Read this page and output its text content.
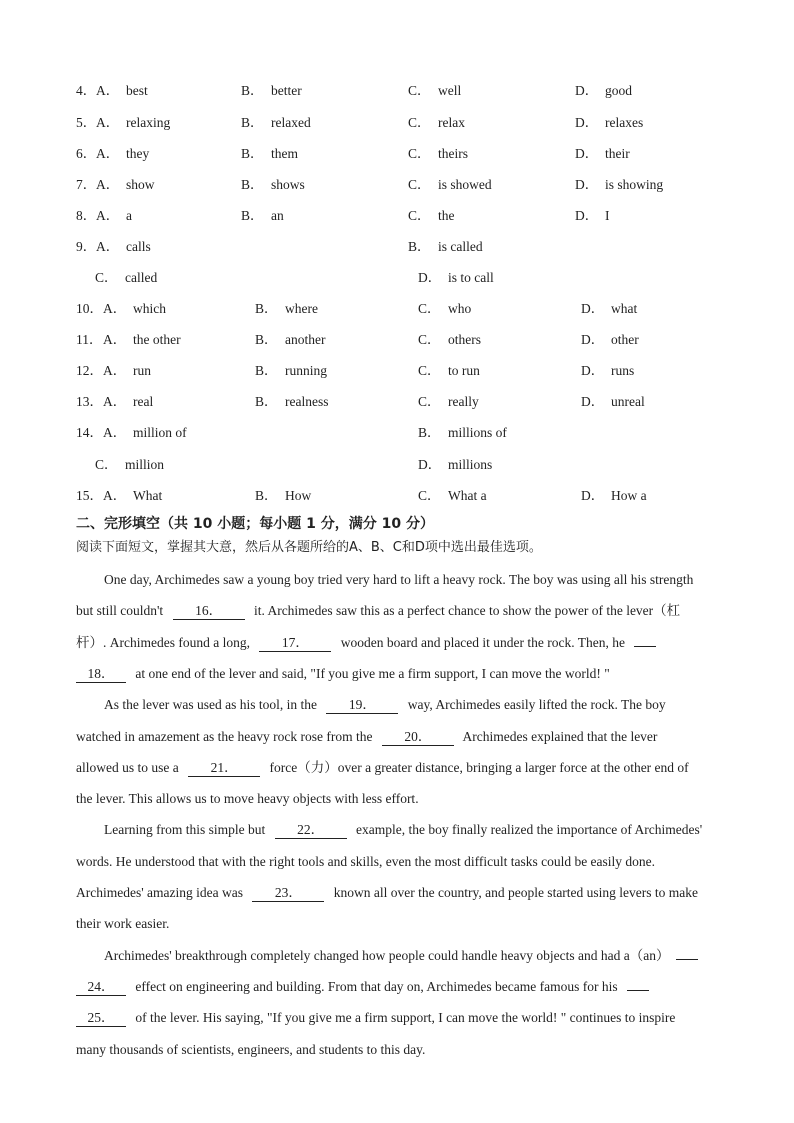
4． A． best	B． better	C． well	D． good
5． A． relaxing	B． relaxed	C． relax	D． relaxes
6． A． they	B． them	C． theirs	D． their
7． A． show	B． shows	C． is showed	D． is showing
8． A． a	B． an	C． the	D． I
9． A． calls	B． is called
C． called	D． is to call
10． A． which	B． where	C． who	D． what
11． A． the other	B． another	C． others	D． other
12． A． run	B． running	C． to run	D． runs
13． A． real	B． realness	C． really	D． unreal
14． A． million of	B． millions of
C． million	D． millions
15． A． What	B． How	C． What a	D． How a
二、完形填空（共 10 小题；每小题 1 分，满分 10 分）
阅读下面短文，掌握其大意，然后从各题所给的A、B、C和D项中选出最佳选项。
One day, Archimedes saw a young boy tried very hard to lift a heavy rock. The boy was using all his strength
but still couldn't 16． it. Archimedes saw this as a perfect chance to show the power of the lever（杠
杆）. Archimedes found a long, 17． wooden board and placed it under the rock. Then, he
18． at one end of the lever and said, "If you give me a firm support, I can move the world! "
As the lever was used as his tool, in the 19． way, Archimedes easily lifted the rock. The boy
watched in amazement as the heavy rock rose from the 20． Archimedes explained that the lever
allowed us to use a 21． force（力）over a greater distance, bringing a larger force at the other end of
the lever. This allows us to move heavy objects with less effort.
Learning from this simple but 22． example, the boy finally realized the importance of Archimedes'
words. He understood that with the right tools and skills, even the most difficult tasks could be easily done.
Archimedes' amazing idea was 23． known all over the country, and people started using levers to make
their work easier.
Archimedes' breakthrough completely changed how people could handle heavy objects and had a（an）
24． effect on engineering and building. From that day on, Archimedes became famous for his
25． of the lever. His saying, "If you give me a firm support, I can move the world! " continues to inspire
many thousands of scientists, engineers, and students to this day.
